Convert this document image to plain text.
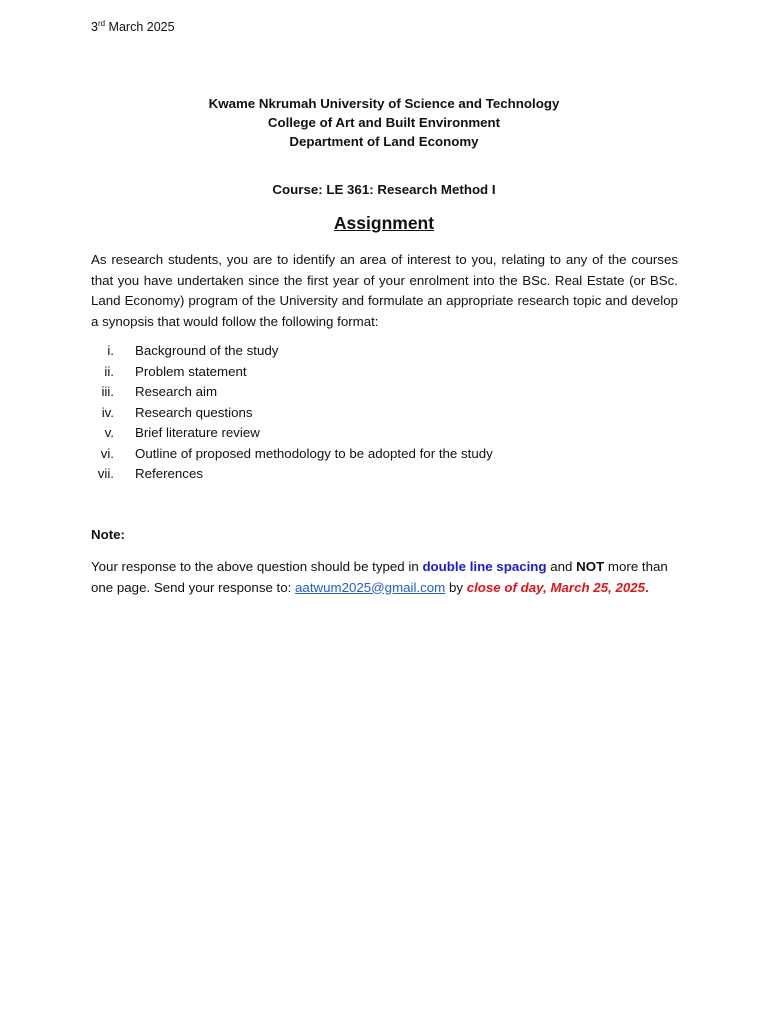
3rd March 2025
Kwame Nkrumah University of Science and Technology
College of Art and Built Environment
Department of Land Economy
Course: LE 361: Research Method I
Assignment
As research students, you are to identify an area of interest to you, relating to any of the courses that you have undertaken since the first year of your enrolment into the BSc. Real Estate (or BSc. Land Economy) program of the University and formulate an appropriate research topic and develop a synopsis that would follow the following format:
i.	Background of the study
ii.	Problem statement
iii.	Research aim
iv.	Research questions
v.	Brief literature review
vi.	Outline of proposed methodology to be adopted for the study
vii.	References
Note:
Your response to the above question should be typed in double line spacing and NOT more than one page. Send your response to: aatwum2025@gmail.com by close of day, March 25, 2025.
